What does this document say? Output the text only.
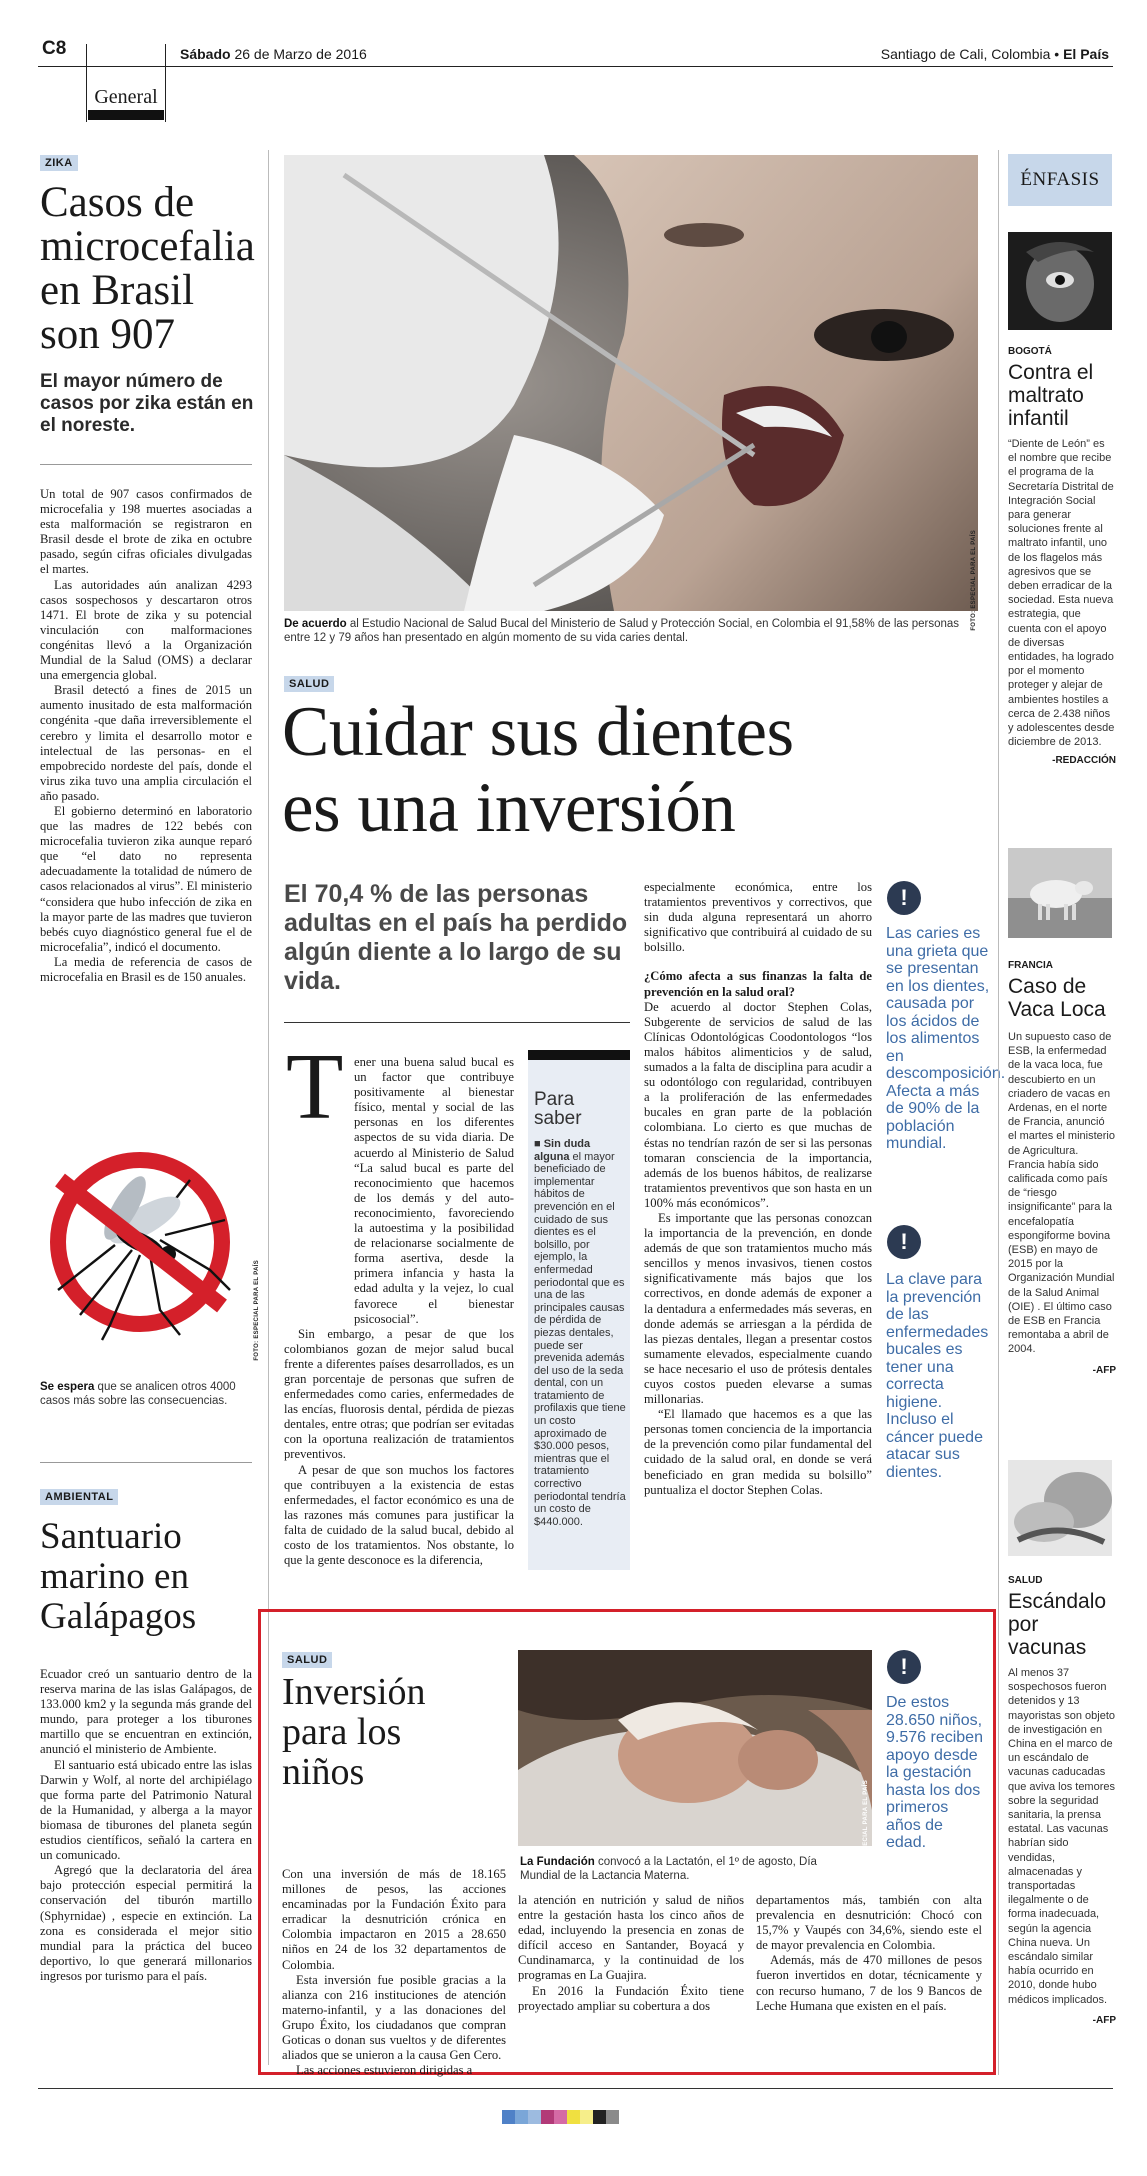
C8
General
Sábado 26 de Marzo de 2016	Santiago de Cali, Colombia • El País
ZIKA
Casos de
microcefalia
en Brasil
son 907
El mayor número de casos por zika están en el noreste.

Un total de 907 casos confirmados de microcefalia y 198 muertes asociadas a esta malformación se registraron en Brasil desde el brote de zika en octubre pasado, según cifras oficiales divulgadas el martes.

Las autoridades aún analizan 4293 casos sospechosos y descartaron otros 1471. El brote de zika y su potencial vinculación con malformaciones congénitas llevó a la Organización Mundial de la Salud (OMS) a declarar una emergencia global.

Brasil detectó a fines de 2015 un aumento inusitado de esta malformación congénita -que daña irreversiblemente el cerebro y limita el desarrollo motor e intelectual de las personas- en el empobrecido nordeste del país, donde el virus zika tuvo una amplia circulación el año pasado.

El gobierno determinó en laboratorio que las madres de 122 bebés con microcefalia tuvieron zika aunque reparó que “el dato no representa adecuadamente la totalidad de número de casos relacionados al virus”. El ministerio “considera que hubo infección de zika en la mayor parte de las madres que tuvieron bebés cuyo diagnóstico general fue el de microcefalia”, indicó el documento.

La media de referencia de casos de microcefalia en Brasil es de 150 anuales.

FOTO: ESPECIAL PARA EL PAÍS
Se espera que se analicen otros 4000 casos más sobre las consecuencias.
AMBIENTAL
Santuario
marino en
Galápagos

Ecuador creó un santuario dentro de la reserva marina de las islas Galápagos, de 133.000 km2 y la segunda más grande del mundo, para proteger a los tiburones martillo que se encuentran en extinción, anunció el ministerio de Ambiente.

El santuario está ubicado entre las islas Darwin y Wolf, al norte del archipiélago que forma parte del Patrimonio Natural de la Humanidad, y alberga a la mayor biomasa de tiburones del planeta según estudios científicos, señaló la cartera en un comunicado.

Agregó que la declaratoria del área bajo protección especial permitirá la conservación del tiburón martillo (Sphyrnidae) , especie en extinción. La zona es considerada el mejor sitio mundial para la práctica del buceo deportivo, lo que generará millonarios ingresos por turismo para el país.

FOTO: ESPECIAL PARA EL PAÍS
De acuerdo al Estudio Nacional de Salud Bucal del Ministerio de Salud y Protección Social, en Colombia el 91,58% de las personas entre 12 y 79 años han presentado en algún momento de su vida caries dental.
SALUD
Cuidar sus dientes
es una inversión
El 70,4 % de las personas adultas en el país ha perdido algún diente a lo largo de su vida.
T ener una buena salud bucal es un factor que contribuye positivamente al bienestar físico, mental y social de las personas en los diferentes aspectos de su vida diaria. De acuerdo al Ministerio de Salud “La salud bucal es parte del reconocimiento que hacemos de los demás y del auto-reconocimiento, favoreciendo la autoestima y la posibilidad de relacionarse socialmente de forma asertiva, desde la primera infancia y hasta la edad adulta y la vejez, lo cual favorece el bienestar psicosocial”.

Sin embargo, a pesar de que los colombianos gozan de mejor salud bucal frente a diferentes países desarrollados, es un gran porcentaje de personas que sufren de enfermedades como caries, enfermedades de las encías, fluorosis dental, pérdida de piezas dentales, entre otras; que podrían ser evitadas con la oportuna realización de tratamientos preventivos.

A pesar de que son muchos los factores que contribuyen a la existencia de estas enfermedades, el factor económico es una de las razones más comunes para justificar la falta de cuidado de la salud bucal, debido al costo de los tratamientos. Nos obstante, lo que la gente desconoce es la diferencia,

Para saber
■ Sin duda alguna el mayor beneficiado de implementar hábitos de prevención en el cuidado de sus dientes es el bolsillo, por ejemplo, la enfermedad periodontal que es una de las principales causas de pérdida de piezas dentales, puede ser prevenida además del uso de la seda dental, con un tratamiento de profilaxis que tiene un costo aproximado de $30.000 pesos, mientras que el tratamiento correctivo periodontal tendría un costo de $440.000.

especialmente económica, entre los tratamientos preventivos y correctivos, que sin duda alguna representará un ahorro significativo que contribuirá al cuidado de su bolsillo.

¿Cómo afecta a sus finanzas la falta de prevención en la salud oral?

De acuerdo al doctor Stephen Colas, Subgerente de servicios de salud de las Clínicas Odontológicas Coodontologos “los malos hábitos alimenticios y de salud, sumados a la falta de disciplina para acudir a su odontólogo con regularidad, contribuyen a la proliferación de las enfermedades bucales en gran parte de la población colombiana. Lo cierto es que muchas de éstas no tendrían razón de ser si las personas tomaran consciencia de la importancia, además de los buenos hábitos, de realizarse tratamientos preventivos que son hasta en un 100% más económicos”.

Es importante que las personas conozcan la importancia de la prevención, en donde además de que son tratamientos mucho más sencillos y menos invasivos, tienen costos significativamente más bajos que los correctivos, en donde además de exponer a la dentadura a enfermedades más severas, en donde además se arriesgan a la pérdida de las piezas dentales, llegan a presentar costos sumamente elevados, especialmente cuando se hace necesario el uso de prótesis dentales cuyos costos pueden elevarse a sumas millonarias.

“El llamado que hacemos es a que las personas tomen conciencia de la importancia de la prevención como pilar fundamental del cuidado de la salud oral, en donde se verá beneficiado en gran medida su bolsillo” puntualiza el doctor Stephen Colas.

!
Las caries es una grieta que se presentan en los dientes, causada por los ácidos de los alimentos en descomposición. Afecta a más de 90% de la población mundial.
!
La clave para la prevención de las enfermedades bucales es tener una correcta higiene. Incluso el cáncer puede atacar sus dientes.
SALUD
Inversión
para los
niños
FOTO: ESPECIAL PARA EL PAÍS
La Fundación convocó a la Lactatón, el 1º de agosto, Día Mundial de la Lactancia Materna.
!
De estos 28.650 niños, 9.576 reciben apoyo desde la gestación hasta los dos primeros años de edad.

Con una inversión de más de 18.165 millones de pesos, las acciones encaminadas por la Fundación Éxito para erradicar la desnutrición crónica en Colombia impactaron en 2015 a 28.650 niños en 24 de los 32 departamentos de Colombia.

Esta inversión fue posible gracias a la alianza con 216 instituciones de atención materno-infantil, y a las donaciones del Grupo Éxito, los ciudadanos que compran Goticas o donan sus vueltos y de diferentes aliados que se unieron a la causa Gen Cero.

Las acciones estuvieron dirigidas a

la atención en nutrición y salud de niños entre la gestación hasta los cinco años de edad, incluyendo la presencia en zonas de difícil acceso en Santander, Boyacá y Cundinamarca, y la continuidad de los programas en La Guajira.

En 2016 la Fundación Éxito tiene proyectado ampliar su cobertura a dos

departamentos más, también con alta prevalencia en desnutrición: Chocó con 15,7% y Vaupés con 34,6%, siendo este el de mayor prevalencia en Colombia.

Además, más de 470 millones de pesos fueron invertidos en dotar, técnicamente y con recurso humano, 7 de los 9 Bancos de Leche Humana que existen en el país.

ÉNFASIS
BOGOTÁ
Contra el
maltrato
infantil
“Diente de León” es el nombre que recibe el programa de la Secretaría Distrital de Integración Social para generar soluciones frente al maltrato infantil, uno de los flagelos más agresivos que se deben erradicar de la sociedad. Esta nueva estrategia, que cuenta con el apoyo de diversas entidades, ha logrado por el momento proteger y alejar de ambientes hostiles a cerca de 2.438 niños y adolescentes desde diciembre de 2013.
-REDACCIÓN
FRANCIA
Caso de
Vaca Loca
Un supuesto caso de ESB, la enfermedad de la vaca loca, fue descubierto en un criadero de vacas en Ardenas, en el norte de Francia, anunció el martes el ministerio de Agricultura. Francia había sido calificada como país de “riesgo insignificante” para la encefalopatía espongiforme bovina (ESB) en mayo de 2015 por la Organización Mundial de la Salud Animal (OIE) . El último caso de ESB en Francia remontaba a abril de 2004.
-AFP
SALUD
Escándalo
por
vacunas
Al menos 37 sospechosos fueron detenidos y 13 mayoristas son objeto de investigación en China en el marco de un escándalo de vacunas caducadas que aviva los temores sobre la seguridad sanitaria, la prensa estatal. Las vacunas habrían sido vendidas, almacenadas y transportadas ilegalmente o de forma inadecuada, según la agencia China nueva. Un escándalo similar había ocurrido en 2010, donde hubo médicos implicados.
-AFP
